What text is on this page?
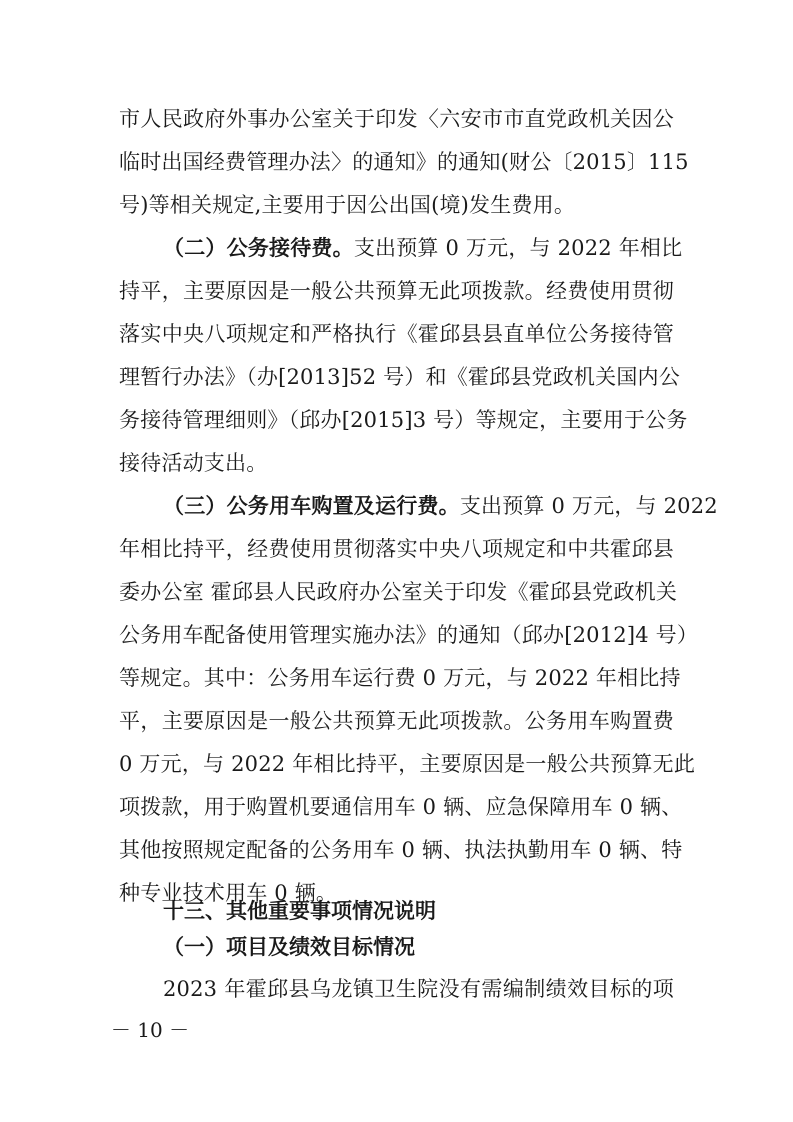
市人民政府外事办公室关于印发〈六安市市直党政机关因公
临时出国经费管理办法〉的通知》的通知(财公〔2015〕115
号)等相关规定,主要用于因公出国(境)发生费用。
（二）公务接待费。支出预算 0 万元，与 2022 年相比
持平，主要原因是一般公共预算无此项拨款。经费使用贯彻
落实中央八项规定和严格执行《霍邱县县直单位公务接待管
理暂行办法》（办[2013]52 号）和《霍邱县党政机关国内公
务接待管理细则》（邱办[2015]3 号）等规定，主要用于公务
接待活动支出。
（三）公务用车购置及运行费。支出预算 0 万元，与 2022
年相比持平，经费使用贯彻落实中央八项规定和中共霍邱县
委办公室 霍邱县人民政府办公室关于印发《霍邱县党政机关
公务用车配备使用管理实施办法》的通知（邱办[2012]4 号）
等规定。其中：公务用车运行费 0 万元，与 2022 年相比持
平，主要原因是一般公共预算无此项拨款。公务用车购置费
0 万元，与 2022 年相比持平，主要原因是一般公共预算无此
项拨款，用于购置机要通信用车 0 辆、应急保障用车 0 辆、
其他按照规定配备的公务用车 0 辆、执法执勤用车 0 辆、特
种专业技术用车 0 辆。
十三、其他重要事项情况说明
（一）项目及绩效目标情况
2023 年霍邱县乌龙镇卫生院没有需编制绩效目标的项
－ 10 －
